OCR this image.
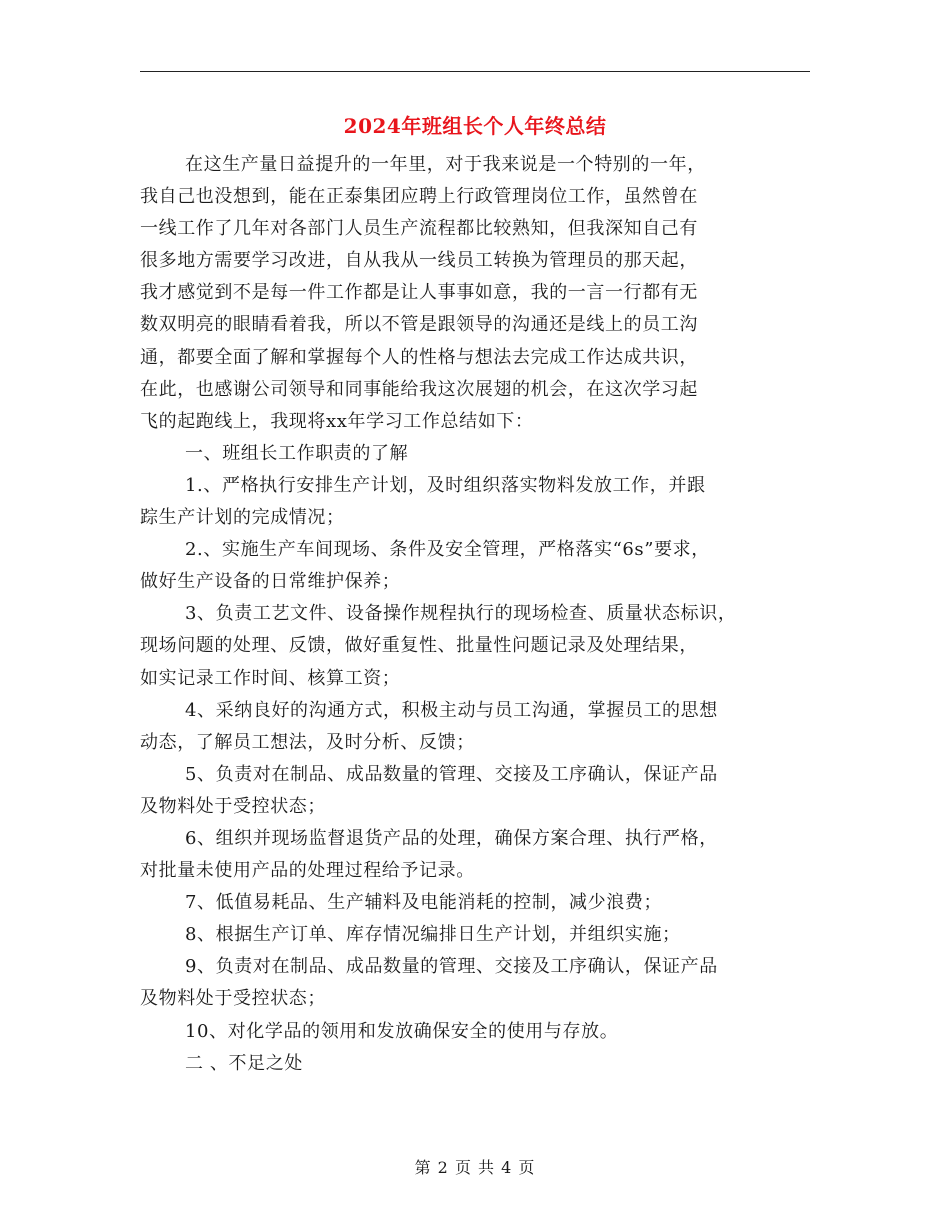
2024年班组长个人年终总结
在这生产量日益提升的一年里，对于我来说是一个特别的一年，
我自己也没想到，能在正泰集团应聘上行政管理岗位工作，虽然曾在
一线工作了几年对各部门人员生产流程都比较熟知，但我深知自己有
很多地方需要学习改进，自从我从一线员工转换为管理员的那天起，
我才感觉到不是每一件工作都是让人事事如意，我的一言一行都有无
数双明亮的眼睛看着我，所以不管是跟领导的沟通还是线上的员工沟
通，都要全面了解和掌握每个人的性格与想法去完成工作达成共识，
在此，也感谢公司领导和同事能给我这次展翅的机会，在这次学习起
飞的起跑线上，我现将xx年学习工作总结如下：
一、班组长工作职责的了解
1.、严格执行安排生产计划，及时组织落实物料发放工作，并跟
踪生产计划的完成情况；
2.、实施生产车间现场、条件及安全管理，严格落实“6s”要求，
做好生产设备的日常维护保养；
3、负责工艺文件、设备操作规程执行的现场检查、质量状态标识，
现场问题的处理、反馈，做好重复性、批量性问题记录及处理结果，
如实记录工作时间、核算工资；
4、采纳良好的沟通方式，积极主动与员工沟通，掌握员工的思想
动态，了解员工想法，及时分析、反馈；
5、负责对在制品、成品数量的管理、交接及工序确认，保证产品
及物料处于受控状态；
6、组织并现场监督退货产品的处理，确保方案合理、执行严格，
对批量未使用产品的处理过程给予记录。
7、低值易耗品、生产辅料及电能消耗的控制，减少浪费；
8、根据生产订单、库存情况编排日生产计划，并组织实施；
9、负责对在制品、成品数量的管理、交接及工序确认，保证产品
及物料处于受控状态；
10、对化学品的领用和发放确保安全的使用与存放。
二 、不足之处
第 2 页 共 4 页
